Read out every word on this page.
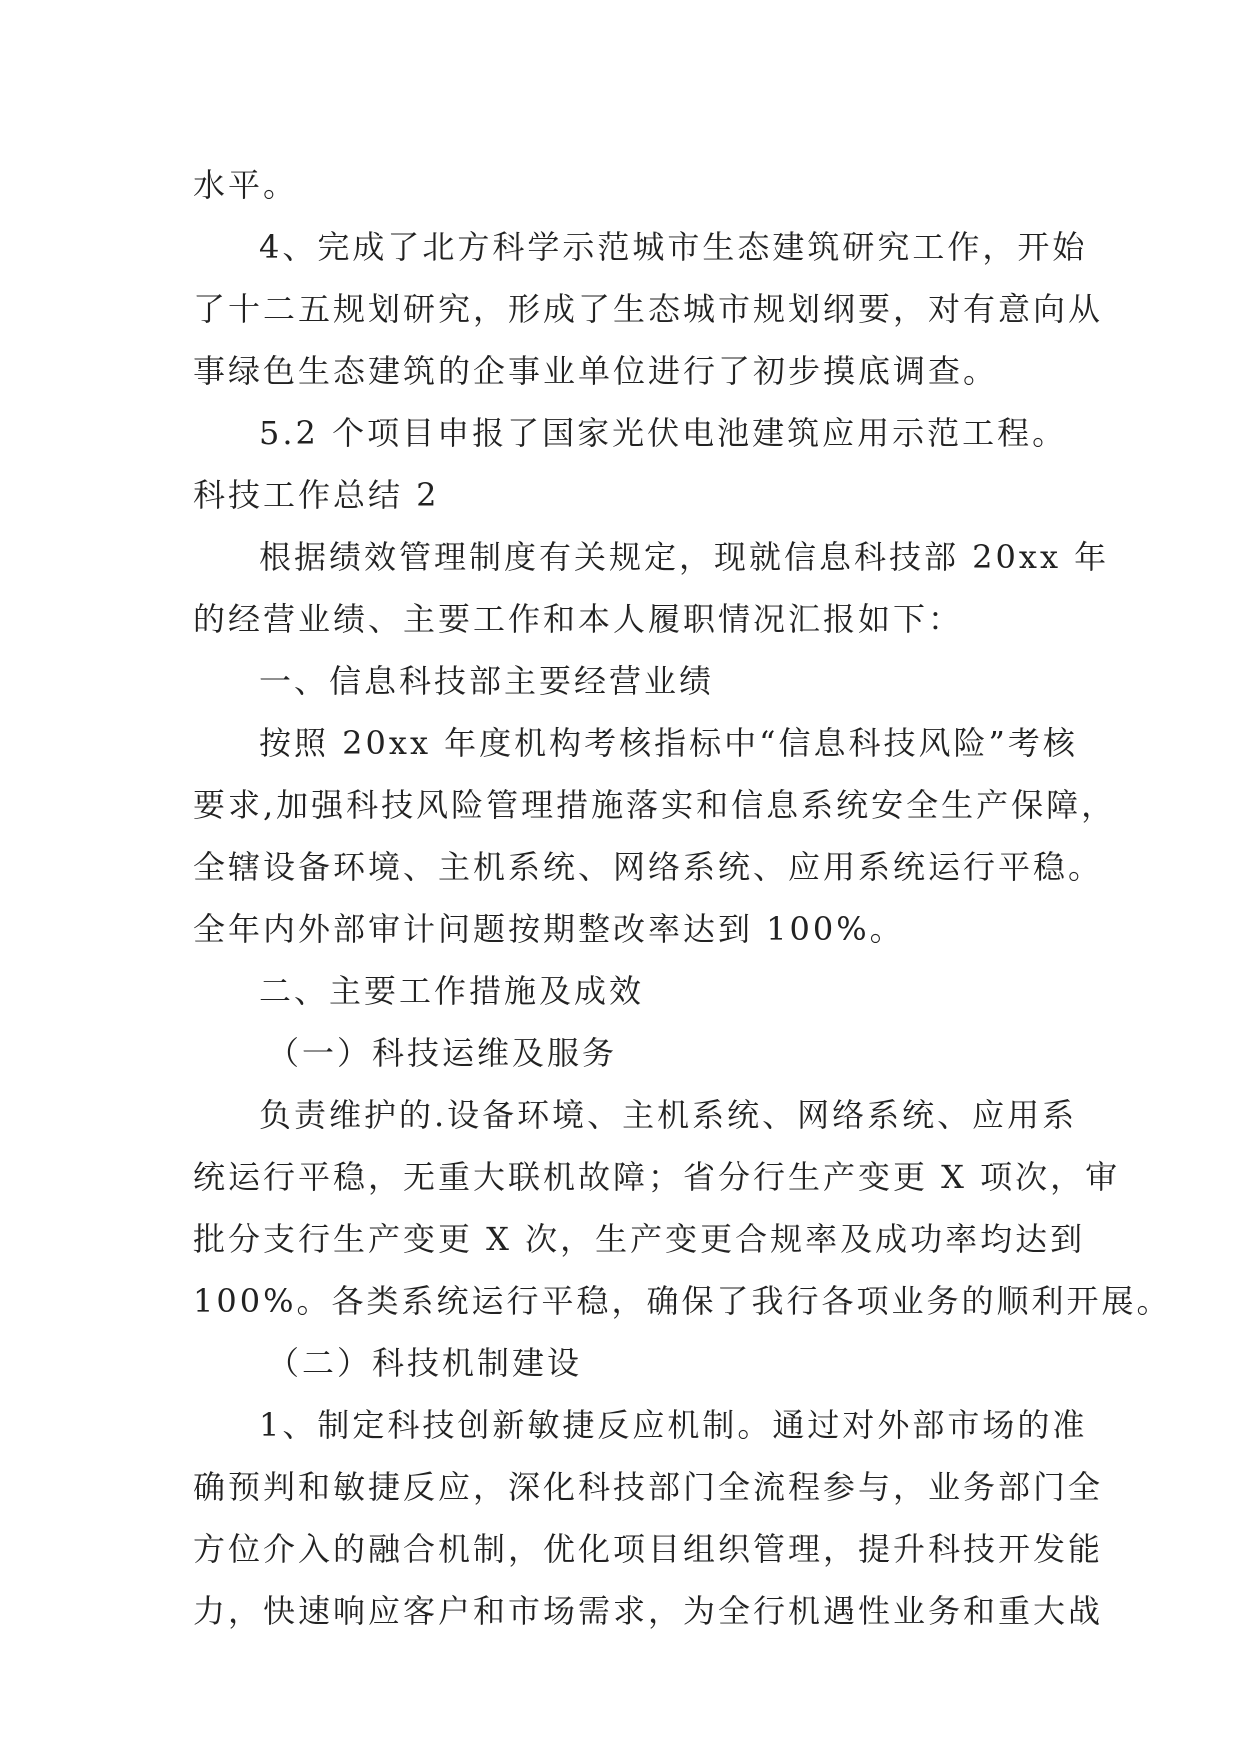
水平。
4、完成了北方科学示范城市生态建筑研究工作，开始
了十二五规划研究，形成了生态城市规划纲要，对有意向从
事绿色生态建筑的企事业单位进行了初步摸底调查。
5.2 个项目申报了国家光伏电池建筑应用示范工程。
科技工作总结 2
根据绩效管理制度有关规定，现就信息科技部 20xx 年
的经营业绩、主要工作和本人履职情况汇报如下：
一、信息科技部主要经营业绩
按照 20xx 年度机构考核指标中“信息科技风险”考核
要求,加强科技风险管理措施落实和信息系统安全生产保障，
全辖设备环境、主机系统、网络系统、应用系统运行平稳。
全年内外部审计问题按期整改率达到 100%。
二、主要工作措施及成效
（一）科技运维及服务
负责维护的.设备环境、主机系统、网络系统、应用系
统运行平稳，无重大联机故障；省分行生产变更 X 项次，审
批分支行生产变更 X 次，生产变更合规率及成功率均达到
100%。各类系统运行平稳，确保了我行各项业务的顺利开展。
（二）科技机制建设
1、制定科技创新敏捷反应机制。通过对外部市场的准
确预判和敏捷反应，深化科技部门全流程参与，业务部门全
方位介入的融合机制，优化项目组织管理，提升科技开发能
力，快速响应客户和市场需求，为全行机遇性业务和重大战
